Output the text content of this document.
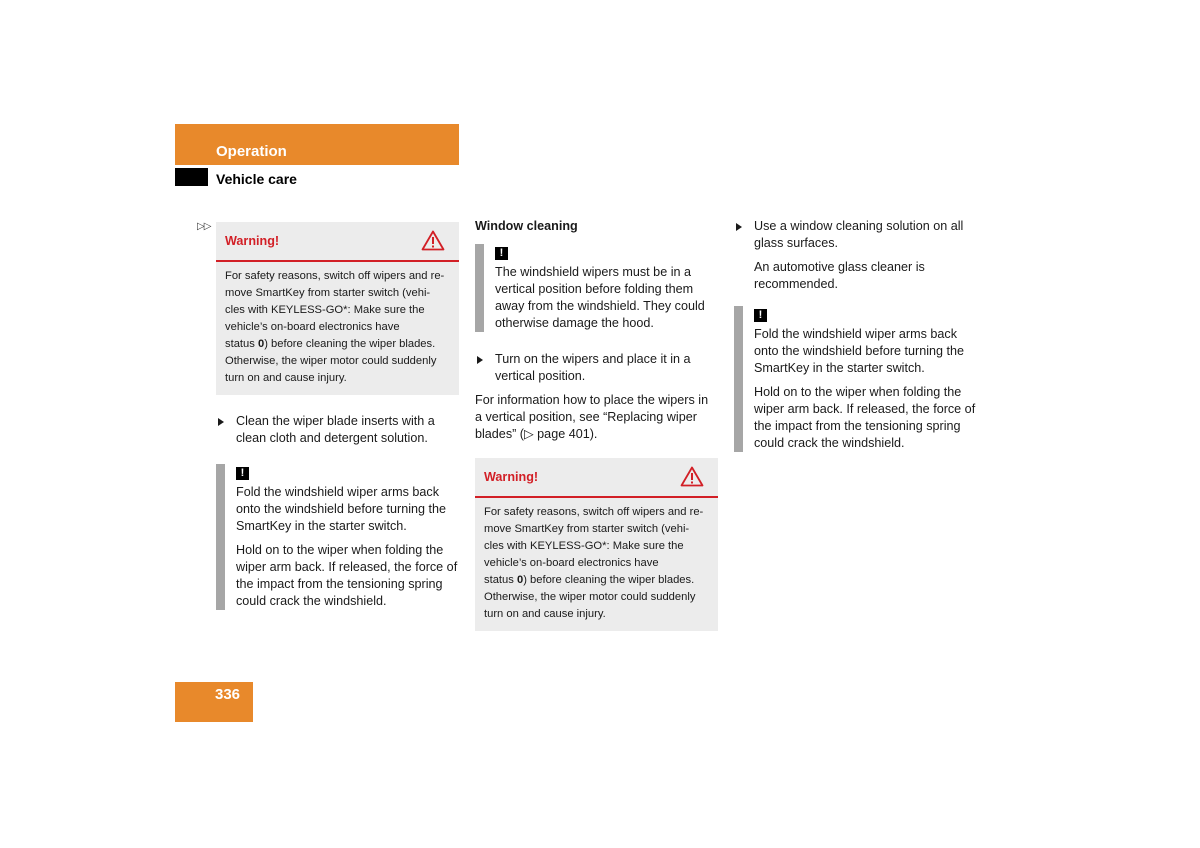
Operation
Vehicle care
▷▷
Warning!
For safety reasons, switch off wipers and re-
move SmartKey from starter switch (vehi-
cles with KEYLESS-GO*: Make sure the
vehicle’s on-board electronics have
status 0) before cleaning the wiper blades.
Otherwise, the wiper motor could suddenly
turn on and cause injury.
Clean the wiper blade inserts with a clean cloth and detergent solution.
!

Fold the windshield wiper arms back onto the windshield before turning the SmartKey in the starter switch.

Hold on to the wiper when folding the wiper arm back. If released, the force of the impact from the tensioning spring could crack the windshield.

Window cleaning

!

The windshield wipers must be in a vertical position before folding them away from the windshield. They could otherwise damage the hood.

Turn on the wipers and place it in a vertical position.

For information how to place the wipers in a vertical position, see “Replacing wiper blades” (▷ page 401).

Warning!
For safety reasons, switch off wipers and re-
move SmartKey from starter switch (vehi-
cles with KEYLESS-GO*: Make sure the
vehicle’s on-board electronics have
status 0) before cleaning the wiper blades.
Otherwise, the wiper motor could suddenly
turn on and cause injury.
Use a window cleaning solution on all glass surfaces.

An automotive glass cleaner is recommended.

!

Fold the windshield wiper arms back onto the windshield before turning the SmartKey in the starter switch.

Hold on to the wiper when folding the wiper arm back. If released, the force of the impact from the tensioning spring could crack the windshield.

336
